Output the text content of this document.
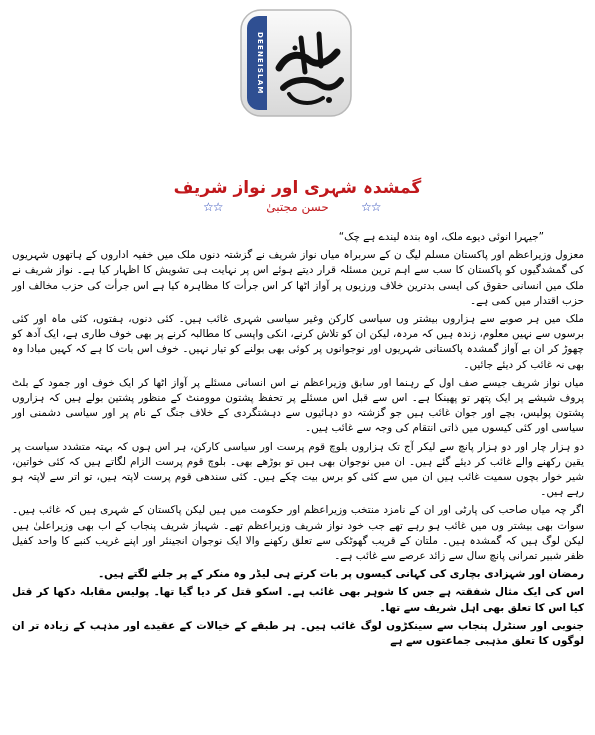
DEENEISLAM
گمشدہ شہری اور نواز شریف
☆☆	حسن مجتبیٰ	☆☆

”جیہرا انوئی دیوے ملک، اوہ بندہ لیندے ہے چک“

معزول وزیراعظم اور پاکستان مسلم لیگ ن کے سربراہ میاں نواز شریف نے گزشتہ دنوں ملک میں خفیہ اداروں کے ہاتھوں شہریوں کی گمشدگیوں کو پاکستان کا سب سے اہم ترین مسئلہ قرار دیتے ہوئے اس پر نہایت ہی تشویش کا اظہار کیا ہے۔ نواز شریف نے ملک میں انسانی حقوق کی ایسی بدترین خلاف ورزیوں پر آواز اٹھا کر اس جرأت کا مظاہرہ کیا ہے اس جرأت کی حزب مخالف اور حزب اقتدار میں کمی ہے۔

ملک میں ہر صوبے سے ہزاروں بیشتر وں سیاسی کارکن وغیر سیاسی شہری غائب ہیں۔ کئی دنوں، ہفتوں، کئی ماہ اور کئی برسوں سے نہیں معلوم، زندہ ہیں کہ مردہ، لیکن ان کو تلاش کرنے، انکی واپسی کا مطالبہ کرنے پر بھی خوف طاری ہے، ایک آدھ کو چھوڑ کر ان بے آواز گمشدہ پاکستانی شہریوں اور نوجوانوں پر کوئی بھی بولنے کو تیار نہیں۔ خوف اس بات کا ہے کہ کہیں مبادا وہ بھی نہ غائب کر دیئے جائیں۔

میاں نواز شریف جیسے صف اول کے رہنما اور سابق وزیراعظم نے اس انسانی مسئلے پر آواز اٹھا کر ایک خوف اور جمود کے بلٹ پروف شیشے پر ایک پتھر تو پھینکا ہے۔ اس سے قبل اس مسئلے پر تحفظ پشتون موومنٹ کے منظور پشتین بولے ہیں کہ ہزاروں پشتون پولیس، بچے اور جوان غائب ہیں جو گزشتہ دو دہائیوں سے دہشتگردی کے خلاف جنگ کے نام پر اور سیاسی دشمنی اور سیاسی اور کئی کیسوں میں ذاتی انتقام کی وجہ سے غائب ہیں۔

دو ہزار چار اور دو ہزار پانچ سے لیکر آج تک ہزاروں بلوچ قوم پرست اور سیاسی کارکن، ہر اس ہوں کہ بہتہ متشدد سیاست پر یقین رکھنے والے غائب کر دیئے گئے ہیں۔ ان میں نوجوان بھی ہیں تو بوڑھے بھی۔ بلوچ قوم پرست الزام لگاتے ہیں کہ کئی خواتین، شیر خوار بچوں سمیت غائب ہیں ان میں سے کئی کو برس بیت چکے ہیں۔ کئی سندھی قوم پرست لاپتہ ہیں، تو اتر سے لاپتہ ہو رہے ہیں۔

اگر چہ میاں صاحب کی پارٹی اور ان کے نامزد منتخب وزیراعظم اور حکومت میں ہیں لیکن پاکستان کے شہری ہیں کہ غائب ہیں۔ سوات بھی بیشتر وں میں غائب ہو رہے تھے جب خود نواز شریف وزیراعظم تھے۔ شہباز شریف پنجاب کے اب بھی وزیراعلیٰ ہیں لیکن لوگ ہیں کہ گمشدہ ہیں۔ ملتان کے قریب گھوٹکی سے تعلق رکھنے والا ایک نوجوان انجینئر اور اپنے غریب کنبے کا واحد کفیل ظفر شبیر تمرانی پانچ سال سے زائد عرصے سے غائب ہے۔

رمضان اور شہزادی بچاری کی کہانی کیسوں پر بات کرتے ہی لیڈر وہ منکر کے پر جلنے لگتے ہیں۔

اس کی ایک مثال شفقتہ ہے جس کا شوہر بھی غائب ہے۔ اسکو قتل کر دیا گیا تھا۔ پولیس مقابلہ دکھا کر قتل کیا اس کا تعلق بھی اہل شریف سے تھا۔

جنوبی اور سنٹرل پنجاب سے سینکڑوں لوگ غائب ہیں۔ ہر طبقے کے خیالات کے عقیدے اور مذہب کے زیادہ تر ان لوگوں کا تعلق مذہبی جماعتوں سے ہے
